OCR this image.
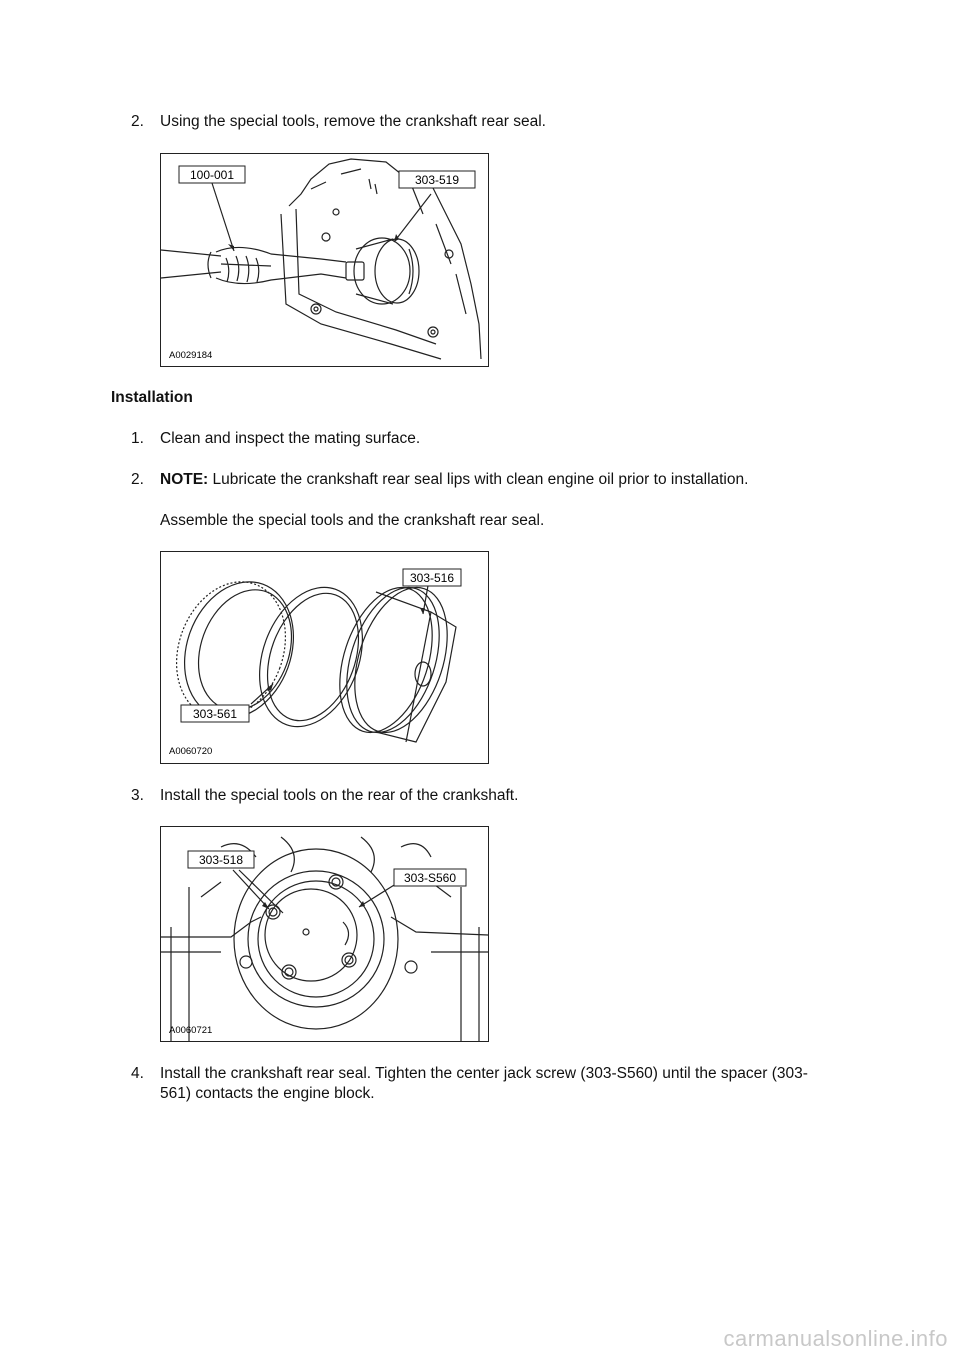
2. Using the special tools, remove the crankshaft rear seal.
100-001	303-519
A0029184
Installation
1. Clean and inspect the mating surface.
2. NOTE: Lubricate the crankshaft rear seal lips with clean engine oil prior to installation.
Assemble the special tools and the crankshaft rear seal.
303-516
303-561
A0060720
3. Install the special tools on the rear of the crankshaft.
303-518
303-S560
A0060721
4. Install the crankshaft rear seal. Tighten the center jack screw (303-S560) until the spacer (303-
561) contacts the engine block.
carmanualsonline.info
